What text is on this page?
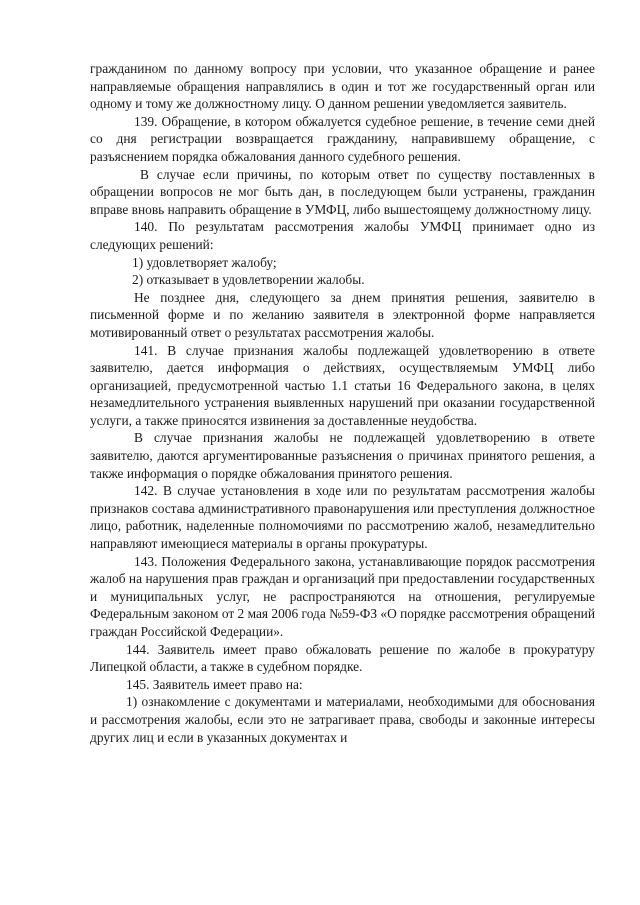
гражданином по данному вопросу при условии, что указанное обращение и ранее направляемые обращения направлялись в один и тот же государственный орган или одному и тому же должностному лицу. О данном решении уведомляется заявитель.

139. Обращение, в котором обжалуется судебное решение, в течение семи дней со дня регистрации возвращается гражданину, направившему обращение, с разъяснением порядка обжалования данного судебного решения.

В случае если причины, по которым ответ по существу поставленных в обращении вопросов не мог быть дан, в последующем были устранены, гражданин вправе вновь направить обращение в УМФЦ, либо вышестоящему должностному лицу.

140. По результатам рассмотрения жалобы УМФЦ принимает одно из следующих решений:

1) удовлетворяет жалобу;

2) отказывает в удовлетворении жалобы.

Не позднее дня, следующего за днем принятия решения, заявителю в письменной форме и по желанию заявителя в электронной форме направляется мотивированный ответ о результатах рассмотрения жалобы.

141. В случае признания жалобы подлежащей удовлетворению в ответе заявителю, дается информация о действиях, осуществляемым УМФЦ либо организацией, предусмотренной частью 1.1 статьи 16 Федерального закона, в целях незамедлительного устранения выявленных нарушений при оказании государственной услуги, а также приносятся извинения за доставленные неудобства.

В случае признания жалобы не подлежащей удовлетворению в ответе заявителю, даются аргументированные разъяснения о причинах принятого решения, а также информация о порядке обжалования принятого решения.

142. В случае установления в ходе или по результатам рассмотрения жалобы признаков состава административного правонарушения или преступления должностное лицо, работник, наделенные полномочиями по рассмотрению жалоб, незамедлительно направляют имеющиеся материалы в органы прокуратуры.

143. Положения Федерального закона, устанавливающие порядок рассмотрения жалоб на нарушения прав граждан и организаций при предоставлении государственных и муниципальных услуг, не распространяются на отношения, регулируемые Федеральным законом от 2 мая 2006 года №59-ФЗ «О порядке рассмотрения обращений граждан Российской Федерации».

144. Заявитель имеет право обжаловать решение по жалобе в прокуратуру Липецкой области, а также в судебном порядке.

145. Заявитель имеет право на:

1) ознакомление с документами и материалами, необходимыми для обоснования и рассмотрения жалобы, если это не затрагивает права, свободы и законные интересы других лиц и если в указанных документах и
